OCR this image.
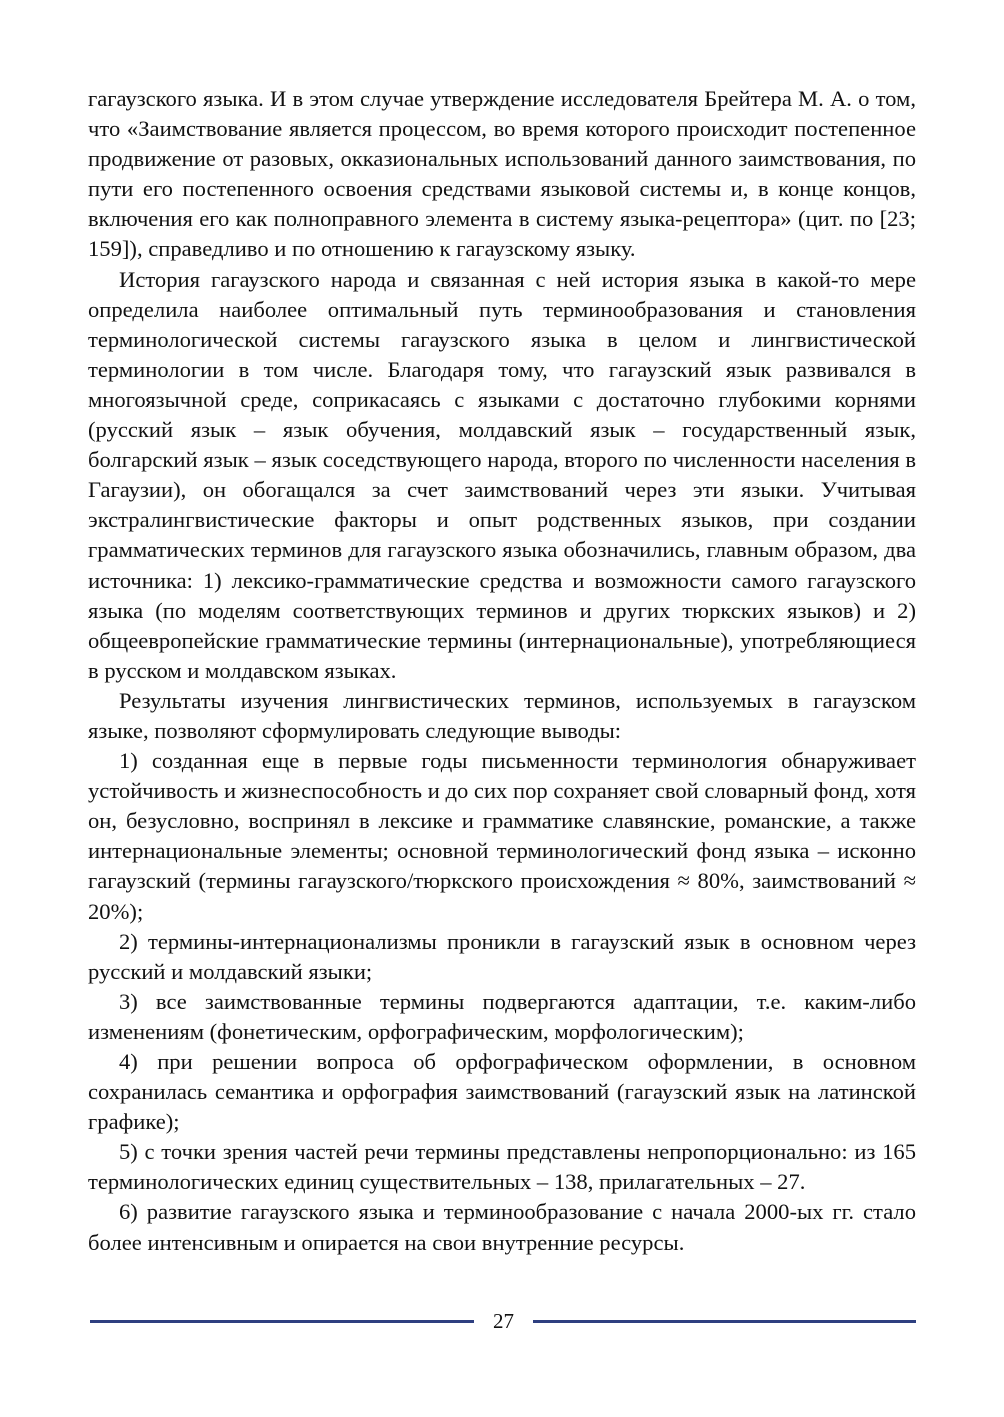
гагаузского языка. И в этом случае утверждение исследователя Брейтера М. А. о том, что «Заимствование является процессом, во время которого происходит постепенное продвижение от разовых, окказиональных использований данного заимствования, по пути его постепенного освоения средствами языковой системы и, в конце концов, включения его как полноправного элемента в систему языка-рецептора» (цит. по [23; 159]), справедливо и по отношению к гагаузскому языку.

История гагаузского народа и связанная с ней история языка в какой-то мере определила наиболее оптимальный путь терминообразования и становления терминологической системы гагаузского языка в целом и лингвистической терминологии в том числе. Благодаря тому, что гагаузский язык развивался в многоязычной среде, соприкасаясь с языками с достаточно глубокими корнями (русский язык – язык обучения, молдавский язык – государственный язык, болгарский язык – язык соседствующего народа, второго по численности населения в Гагаузии), он обогащался за счет заимствований через эти языки. Учитывая экстралингвистические факторы и опыт родственных языков, при создании грамматических терминов для гагаузского языка обозначились, главным образом, два источника: 1) лексико-грамматические средства и возможности самого гагаузского языка (по моделям соответствующих терминов и других тюркских языков) и 2) общеевропейские грамматические термины (интернациональные), употребляющиеся в русском и молдавском языках.

Результаты изучения лингвистических терминов, используемых в гагаузском языке, позволяют сформулировать следующие выводы:

1) созданная еще в первые годы письменности терминология обнаруживает устойчивость и жизнеспособность и до сих пор сохраняет свой словарный фонд, хотя он, безусловно, воспринял в лексике и грамматике славянские, романские, а также интернациональные элементы; основной терминологический фонд языка – исконно гагаузский (термины гагаузского/тюркского происхождения ≈ 80%, заимствований ≈ 20%);

2) термины-интернационализмы проникли в гагаузский язык в основном через русский и молдавский языки;

3) все заимствованные термины подвергаются адаптации, т.е. каким-либо изменениям (фонетическим, орфографическим, морфологическим);

4) при решении вопроса об орфографическом оформлении, в основном сохранилась семантика и орфография заимствований (гагаузский язык на латинской графике);

5) с точки зрения частей речи термины представлены непропорционально: из 165 терминологических единиц существительных – 138, прилагательных – 27.

6) развитие гагаузского языка и терминообразование с начала 2000-ых гг. стало более интенсивным и опирается на свои внутренние ресурсы.

27
